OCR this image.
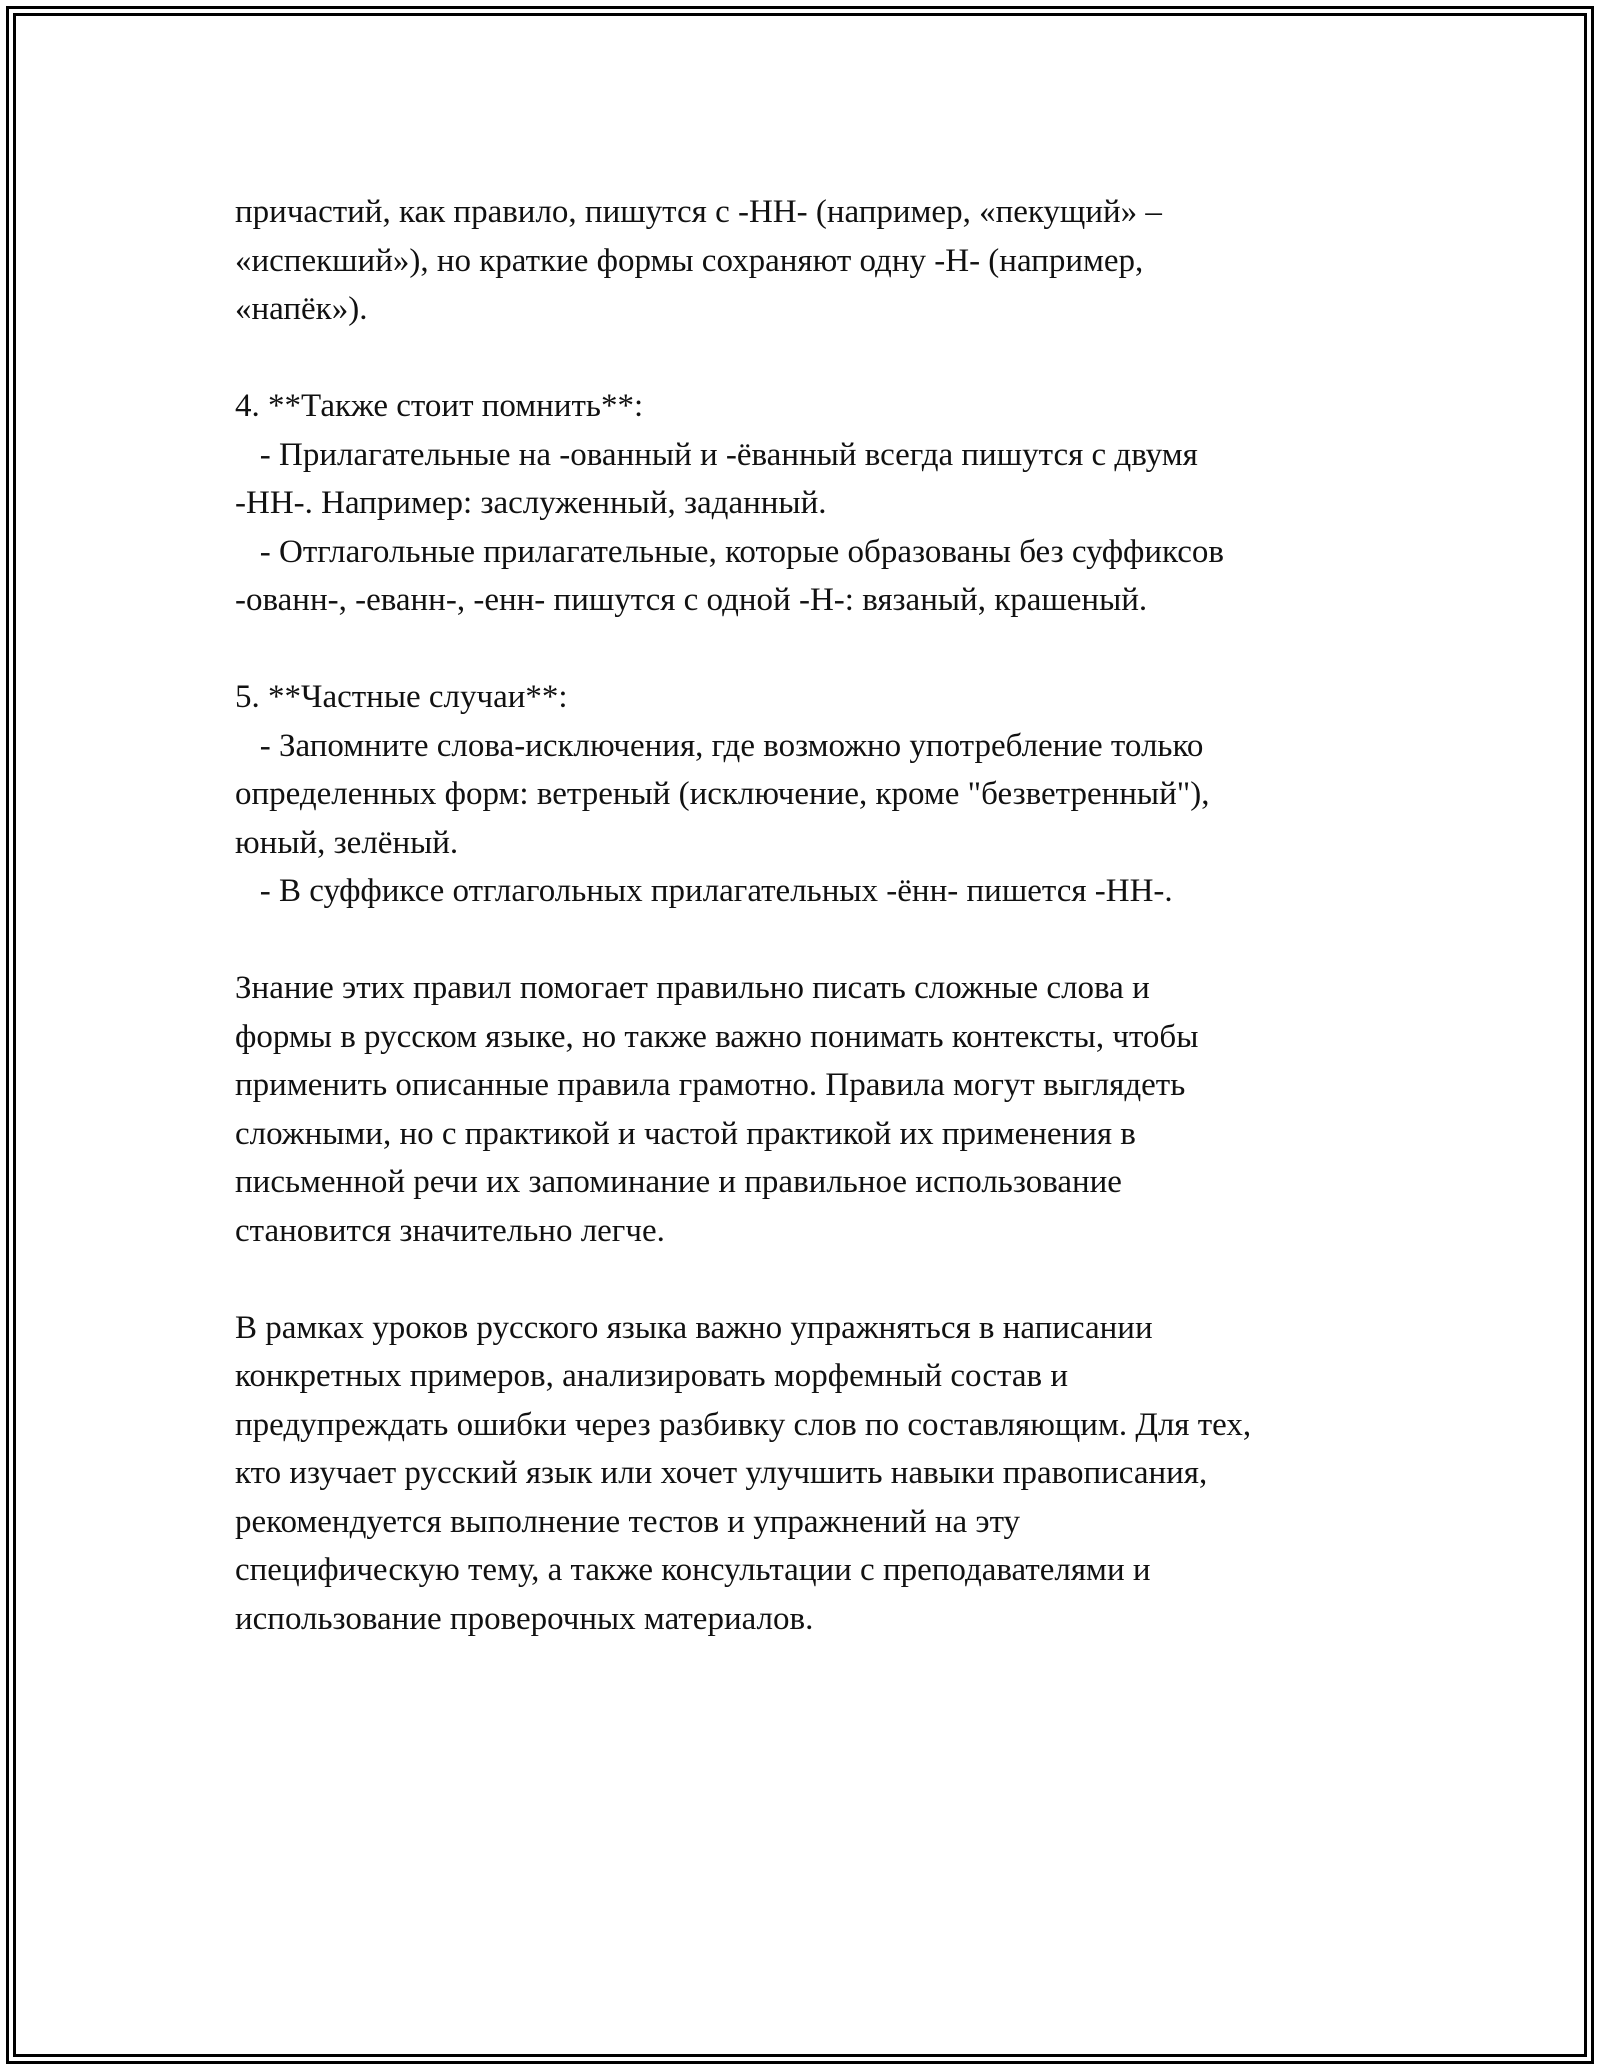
причастий, как правило, пишутся с -НН- (например, «пекущий» –
«испекший»), но краткие формы сохраняют одну -Н- (например,
«напёк»).
4. **Также стоит помнить**:
- Прилагательные на -ованный и -ёванный всегда пишутся с двумя
-НН-. Например: заслуженный, заданный.
- Отглагольные прилагательные, которые образованы без суффиксов
-ованн-, -еванн-, -енн- пишутся с одной -Н-: вязаный, крашеный.
5. **Частные случаи**:
- Запомните слова-исключения, где возможно употребление только
определенных форм: ветреный (исключение, кроме "безветренный"),
юный, зелёный.
- В суффиксе отглагольных прилагательных -ённ- пишется -НН-.
Знание этих правил помогает правильно писать сложные слова и
формы в русском языке, но также важно понимать контексты, чтобы
применить описанные правила грамотно. Правила могут выглядеть
сложными, но с практикой и частой практикой их применения в
письменной речи их запоминание и правильное использование
становится значительно легче.
В рамках уроков русского языка важно упражняться в написании
конкретных примеров, анализировать морфемный состав и
предупреждать ошибки через разбивку слов по составляющим. Для тех,
кто изучает русский язык или хочет улучшить навыки правописания,
рекомендуется выполнение тестов и упражнений на эту
специфическую тему, а также консультации с преподавателями и
использование проверочных материалов.
